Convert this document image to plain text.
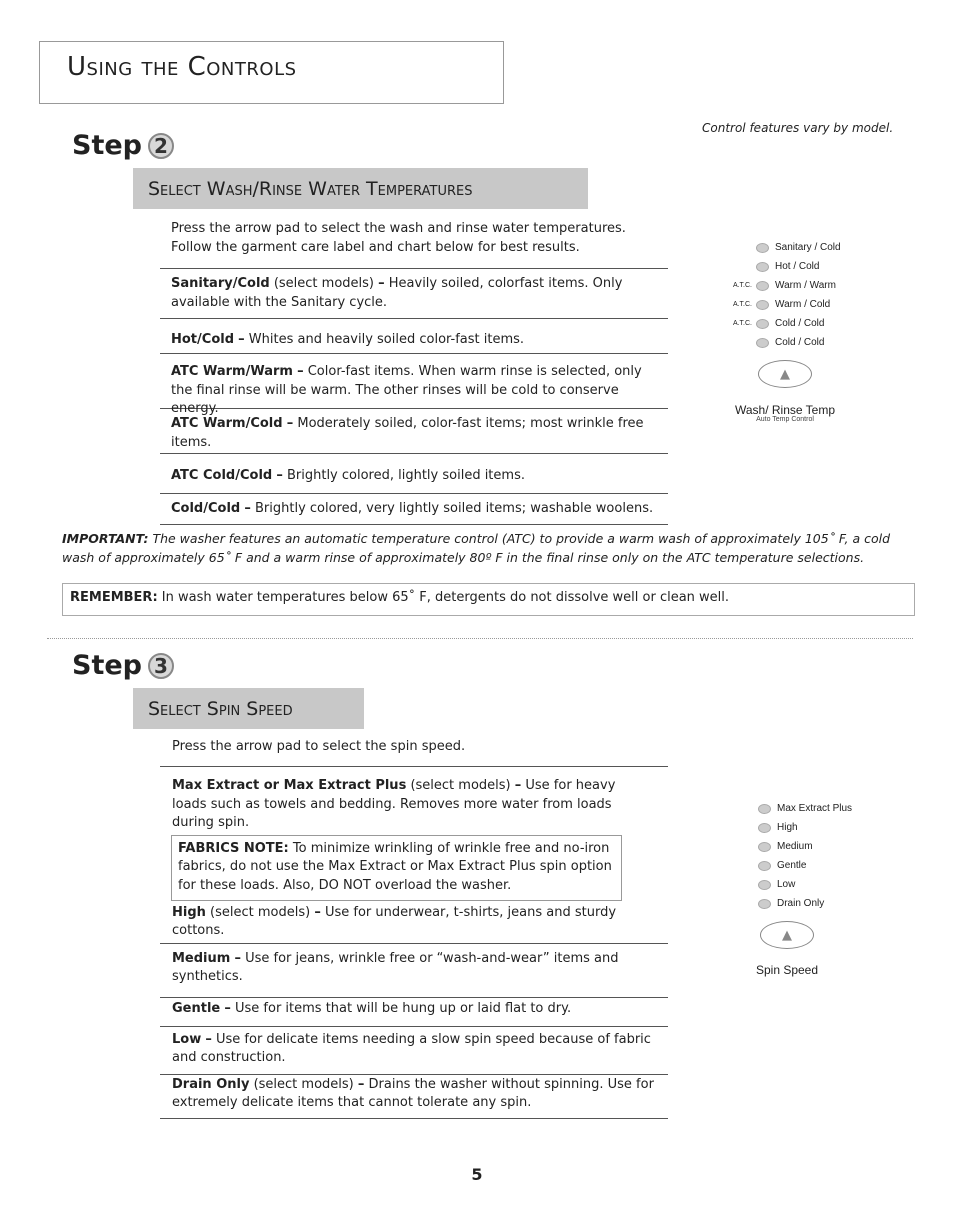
Using the Controls
Control features vary by model.
Step 2
Select Wash/Rinse Water Temperatures
Press the arrow pad to select the wash and rinse water temperatures. Follow the garment care label and chart below for best results.
Sanitary/Cold (select models) – Heavily soiled, colorfast items. Only available with the Sanitary cycle.
Hot/Cold – Whites and heavily soiled color-fast items.
ATC Warm/Warm – Color-fast items. When warm rinse is selected, only the final rinse will be warm. The other rinses will be cold to conserve energy.
ATC Warm/Cold – Moderately soiled, color-fast items; most wrinkle free items.
ATC Cold/Cold – Brightly colored, lightly soiled items.
Cold/Cold – Brightly colored, very lightly soiled items; washable woolens.
Sanitary / Cold
Hot / Cold
A.T.C. Warm / Warm
A.T.C. Warm / Cold
A.T.C. Cold / Cold
Cold / Cold
▲
Wash/ Rinse Temp
Auto Temp Control
IMPORTANT: The washer features an automatic temperature control (ATC) to provide a warm wash of approximately 105˚ F, a cold wash of approximately 65˚ F and a warm rinse of approximately 80º F in the final rinse only on the ATC temperature selections.
REMEMBER: In wash water temperatures below 65˚ F, detergents do not dissolve well or clean well.
Step 3
Select Spin Speed
Press the arrow pad to select the spin speed.
Max Extract or Max Extract Plus (select models) – Use for heavy loads such as towels and bedding. Removes more water from loads during spin.
FABRICS NOTE: To minimize wrinkling of wrinkle free and no-iron fabrics, do not use the Max Extract or Max Extract Plus spin option for these loads. Also, DO NOT overload the washer.
High (select models) – Use for underwear, t-shirts, jeans and sturdy cottons.
Medium – Use for jeans, wrinkle free or “wash-and-wear” items and synthetics.
Gentle – Use for items that will be hung up or laid flat to dry.
Low – Use for delicate items needing a slow spin speed because of fabric and construction.
Drain Only (select models) – Drains the washer without spinning. Use for extremely delicate items that cannot tolerate any spin.
Max Extract Plus
High
Medium
Gentle
Low
Drain Only
▲
Spin Speed
5
